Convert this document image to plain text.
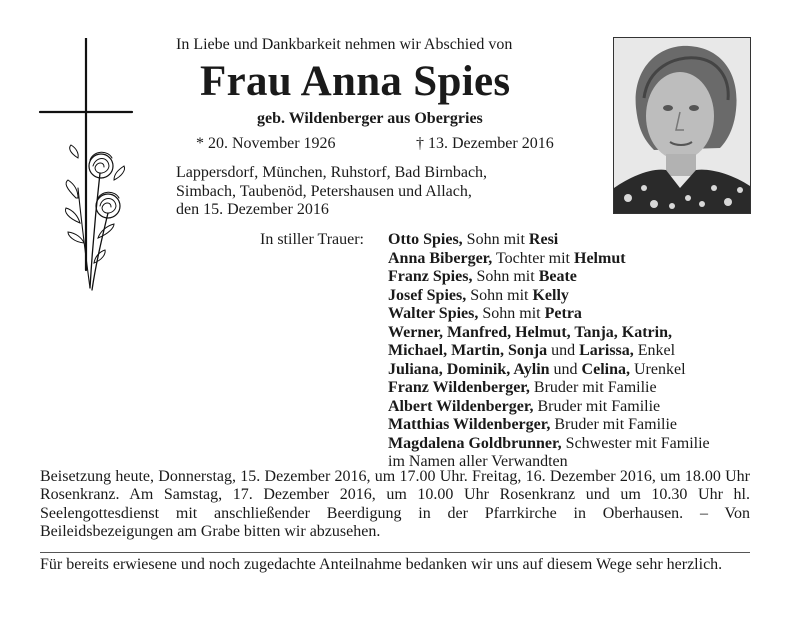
In Liebe und Dankbarkeit nehmen wir Abschied von
Frau Anna Spies
geb. Wildenberger aus Obergries
* 20. November 1926	† 13. Dezember 2016
Lappersdorf, München, Ruhstorf, Bad Birnbach,
Simbach, Taubenöd, Petershausen und Allach,
den 15. Dezember 2016
In stiller Trauer: Otto Spies, Sohn mit Resi
Anna Biberger, Tochter mit Helmut
Franz Spies, Sohn mit Beate
Josef Spies, Sohn mit Kelly
Walter Spies, Sohn mit Petra
Werner, Manfred, Helmut, Tanja, Katrin,
Michael, Martin, Sonja und Larissa, Enkel
Juliana, Dominik, Aylin und Celina, Urenkel
Franz Wildenberger, Bruder mit Familie
Albert Wildenberger, Bruder mit Familie
Matthias Wildenberger, Bruder mit Familie
Magdalena Goldbrunner, Schwester mit Familie
im Namen aller Verwandten
Beisetzung heute, Donnerstag, 15. Dezember 2016, um 17.00 Uhr. Freitag, 16. Dezember 2016, um 18.00 Uhr Rosenkranz. Am Samstag, 17. Dezember 2016, um 10.00 Uhr Rosenkranz und um 10.30 Uhr hl. Seelengottesdienst mit anschließender Beerdigung in der Pfarrkirche in Oberhausen. – Von Beileidsbezeigungen am Grabe bitten wir abzusehen.
Für bereits erwiesene und noch zugedachte Anteilnahme bedanken wir uns auf diesem Wege sehr herzlich.
